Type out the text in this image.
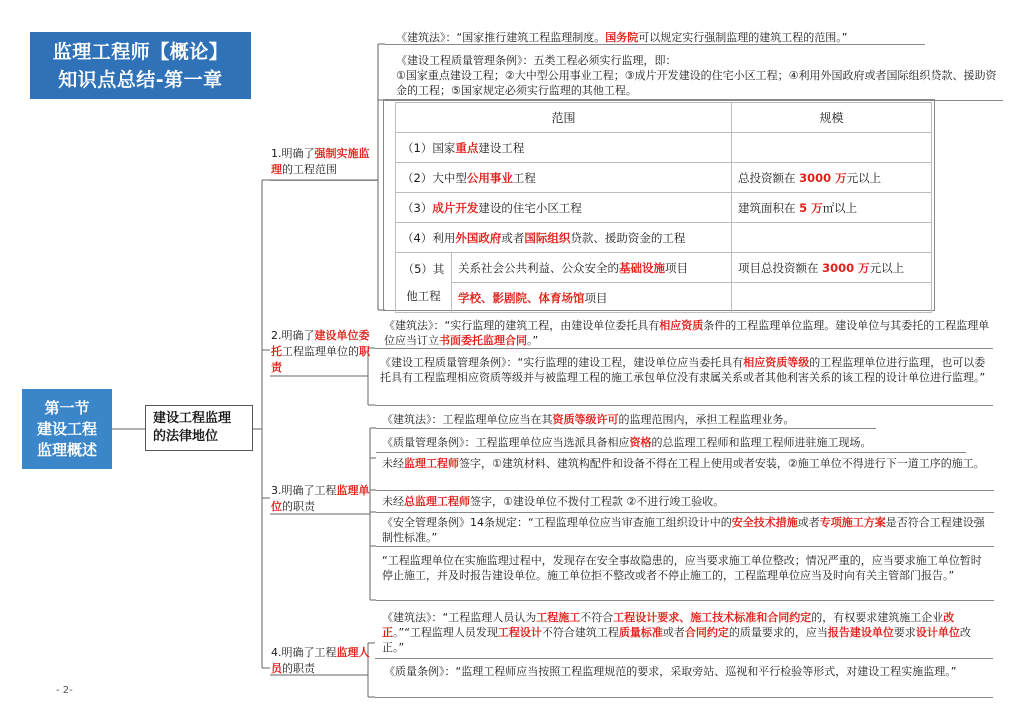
监理工程师【概论】
知识点总结-第一章
第一节
建设工程
监理概述
建设工程监理
的法律地位
1.明确了强制实施监理的工程范围
2.明确了建设单位委托工程监理单位的职责
3.明确了工程监理单位的职责
4.明确了工程监理人员的职责
《建筑法》：“国家推行建筑工程监理制度。国务院可以规定实行强制监理的建筑工程的范围。”
《建设工程质量管理条例》：五类工程必须实行监理，即：
①国家重点建设工程；②大中型公用事业工程；③成片开发建设的住宅小区工程；④利用外国政府或者国际组织贷款、援助资金的工程；⑤国家规定必须实行监理的其他工程。
范围		规模
（1）国家重点建设工程		
（2）大中型公用事业工程		总投资额在 3000 万元以上
（3）成片开发建设的住宅小区工程		建筑面积在 5 万㎡以上
（4）利用外国政府或者国际组织贷款、援助资金的工程		

（5）其
他工程	关系社会公共利益、公众安全的基础设施项目	项目总投资额在 3000 万元以上
	学校、影剧院、体育场馆项目	
《建筑法》：“实行监理的建筑工程，由建设单位委托具有相应资质条件的工程监理单位监理。建设单位与其委托的工程监理单位应当订立书面委托监理合同。”
《建设工程质量管理条例》：“实行监理的建设工程，建设单位应当委托具有相应资质等级的工程监理单位进行监理，也可以委托具有工程监理相应资质等级并与被监理工程的施工承包单位没有隶属关系或者其他利害关系的该工程的设计单位进行监理。”
《建筑法》：工程监理单位应当在其资质等级许可的监理范围内，承担工程监理业务。
《质量管理条例》：工程监理单位应当选派具备相应资格的总监理工程师和监理工程师进驻施工现场。
未经监理工程师签字，①建筑材料、建筑构配件和设备不得在工程上使用或者安装，②施工单位不得进行下一道工序的施工。
未经总监理工程师签字，①建设单位不拨付工程款 ②不进行竣工验收。
《安全管理条例》14条规定：“工程监理单位应当审查施工组织设计中的安全技术措施或者专项施工方案是否符合工程建设强制性标准。”
“工程监理单位在实施监理过程中，发现存在安全事故隐患的，应当要求施工单位整改；情况严重的，应当要求施工单位暂时停止施工，并及时报告建设单位。施工单位拒不整改或者不停止施工的，工程监理单位应当及时向有关主管部门报告。”
《建筑法》：“工程监理人员认为工程施工不符合工程设计要求、施工技术标准和合同约定的，有权要求建筑施工企业改正。”“工程监理人员发现工程设计不符合建筑工程质量标准或者合同约定的质量要求的，应当报告建设单位要求设计单位改正。”
《质量条例》：“监理工程师应当按照工程监理规范的要求，采取旁站、巡视和平行检验等形式，对建设工程实施监理。”
- 2-
